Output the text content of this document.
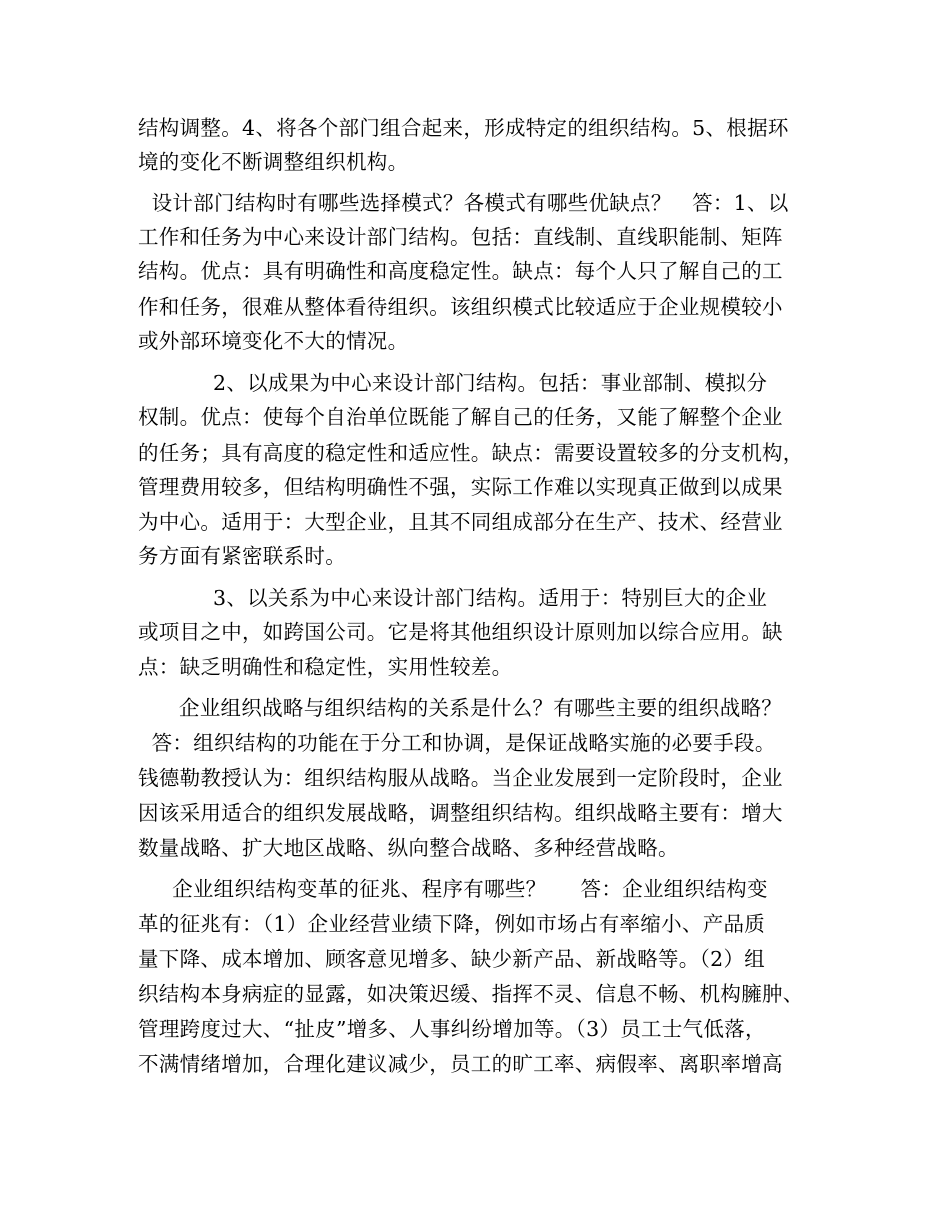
结构调整。4、将各个部门组合起来，形成特定的组织结构。5、根据环
境的变化不断调整组织机构。
设计部门结构时有哪些选择模式？各模式有哪些优缺点？   答：1、以
工作和任务为中心来设计部门结构。包括：直线制、直线职能制、矩阵
结构。优点：具有明确性和高度稳定性。缺点：每个人只了解自己的工
作和任务，很难从整体看待组织。该组织模式比较适应于企业规模较小
或外部环境变化不大的情况。
2、以成果为中心来设计部门结构。包括：事业部制、模拟分
权制。优点：使每个自治单位既能了解自己的任务，又能了解整个企业
的任务；具有高度的稳定性和适应性。缺点：需要设置较多的分支机构，
管理费用较多，但结构明确性不强，实际工作难以实现真正做到以成果
为中心。适用于：大型企业，且其不同组成部分在生产、技术、经营业
务方面有紧密联系时。
3、以关系为中心来设计部门结构。适用于：特别巨大的企业
或项目之中，如跨国公司。它是将其他组织设计原则加以综合应用。缺
点：缺乏明确性和稳定性，实用性较差。
企业组织战略与组织结构的关系是什么？有哪些主要的组织战略？
答：组织结构的功能在于分工和协调，是保证战略实施的必要手段。
钱德勒教授认为：组织结构服从战略。当企业发展到一定阶段时，企业
因该采用适合的组织发展战略，调整组织结构。组织战略主要有：增大
数量战略、扩大地区战略、纵向整合战略、多种经营战略。
企业组织结构变革的征兆、程序有哪些？     答：企业组织结构变
革的征兆有：（1）企业经营业绩下降，例如市场占有率缩小、产品质
量下降、成本增加、顾客意见增多、缺少新产品、新战略等。（2）组
织结构本身病症的显露，如决策迟缓、指挥不灵、信息不畅、机构臃肿、
管理跨度过大、“扯皮”增多、人事纠纷增加等。（3）员工士气低落，
不满情绪增加，合理化建议减少，员工的旷工率、病假率、离职率增高
